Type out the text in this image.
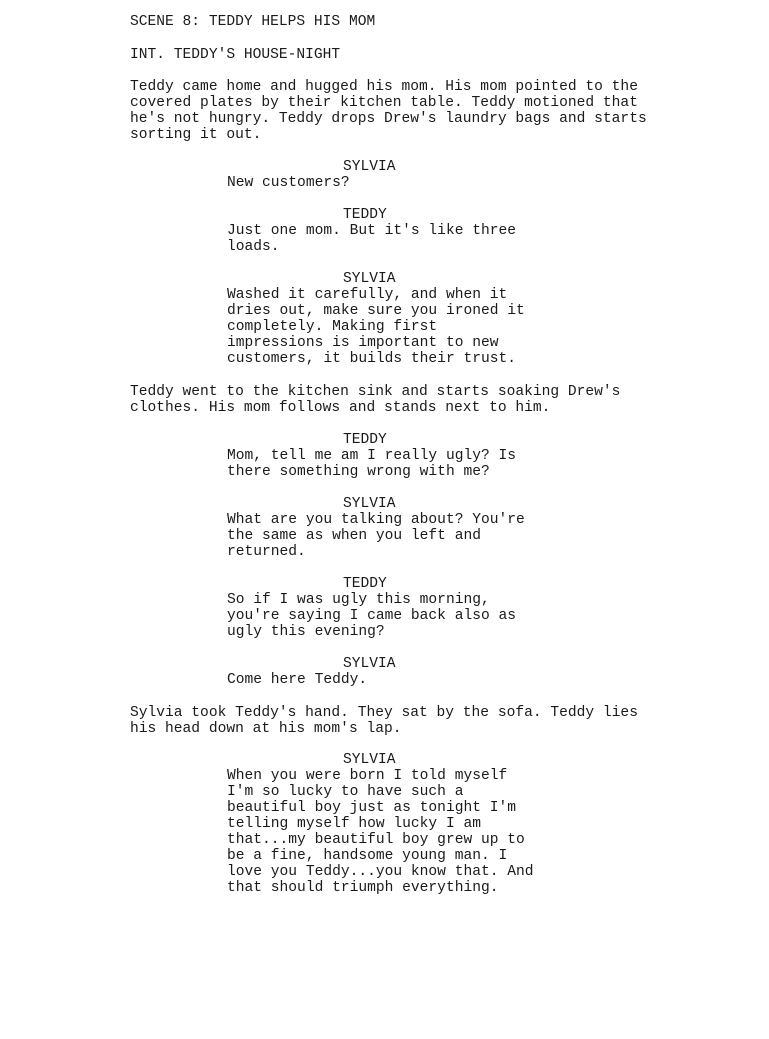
SCENE 8: TEDDY HELPS HIS MOM
INT. TEDDY'S HOUSE-NIGHT
Teddy came home and hugged his mom. His mom pointed to the
covered plates by their kitchen table. Teddy motioned that
he's not hungry. Teddy drops Drew's laundry bags and starts
sorting it out.
SYLVIA
New customers?
TEDDY
Just one mom. But it's like three
loads.
SYLVIA
Washed it carefully, and when it
dries out, make sure you ironed it
completely. Making first
impressions is important to new
customers, it builds their trust.
Teddy went to the kitchen sink and starts soaking Drew's
clothes. His mom follows and stands next to him.
TEDDY
Mom, tell me am I really ugly? Is
there something wrong with me?
SYLVIA
What are you talking about? You're
the same as when you left and
returned.
TEDDY
So if I was ugly this morning,
you're saying I came back also as
ugly this evening?
SYLVIA
Come here Teddy.
Sylvia took Teddy's hand. They sat by the sofa. Teddy lies
his head down at his mom's lap.
SYLVIA
When you were born I told myself
I'm so lucky to have such a
beautiful boy just as tonight I'm
telling myself how lucky I am
that...my beautiful boy grew up to
be a fine, handsome young man. I
love you Teddy...you know that. And
that should triumph everything.
